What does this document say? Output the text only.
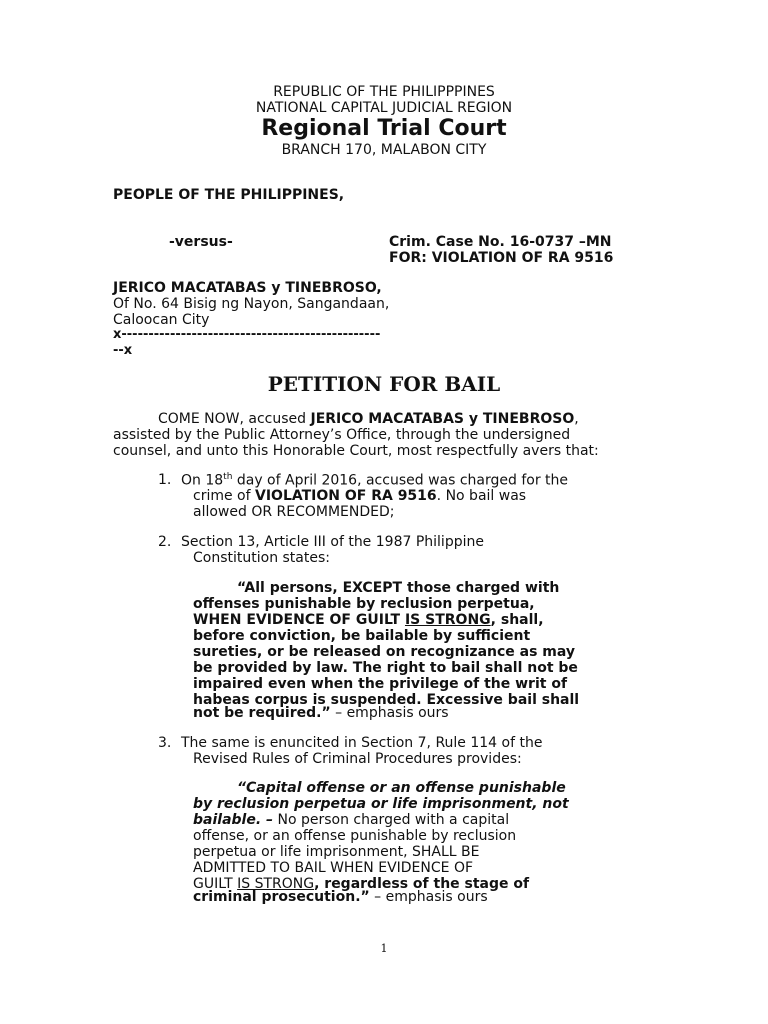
REPUBLIC OF THE PHILIPPPINES
NATIONAL CAPITAL JUDICIAL REGION
Regional Trial Court
BRANCH 170, MALABON CITY
PEOPLE OF THE PHILIPPINES,
-versus-	Crim. Case No. 16-0737 –MN
FOR: VIOLATION OF RA 9516
JERICO MACATABAS y TINEBROSO,
Of No. 64 Bisig ng Nayon, Sangandaan,
Caloocan City
x------------------------------------------------
--x
PETITION FOR BAIL
COME NOW, accused JERICO MACATABAS y TINEBROSO,
assisted by the Public Attorney’s Office, through the undersigned
counsel, and unto this Honorable Court, most respectfully avers that:
1. On 18th day of April 2016, accused was charged for the
crime of VIOLATION OF RA 9516. No bail was
allowed OR RECOMMENDED;
2. Section 13, Article III of the 1987 Philippine
Constitution states:
“All persons, EXCEPT those charged with
offenses punishable by reclusion perpetua,
WHEN EVIDENCE OF GUILT IS STRONG, shall,
before conviction, be bailable by sufficient
sureties, or be released on recognizance as may
be provided by law. The right to bail shall not be
impaired even when the privilege of the writ of
habeas corpus is suspended. Excessive bail shall
not be required.” – emphasis ours
3. The same is enuncited in Section 7, Rule 114 of the
Revised Rules of Criminal Procedures provides:
“Capital offense or an offense punishable
by reclusion perpetua or life imprisonment, not
bailable. – No person charged with a capital
offense, or an offense punishable by reclusion
perpetua or life imprisonment, SHALL BE
ADMITTED TO BAIL WHEN EVIDENCE OF
GUILT IS STRONG, regardless of the stage of
criminal prosecution.” – emphasis ours
1
